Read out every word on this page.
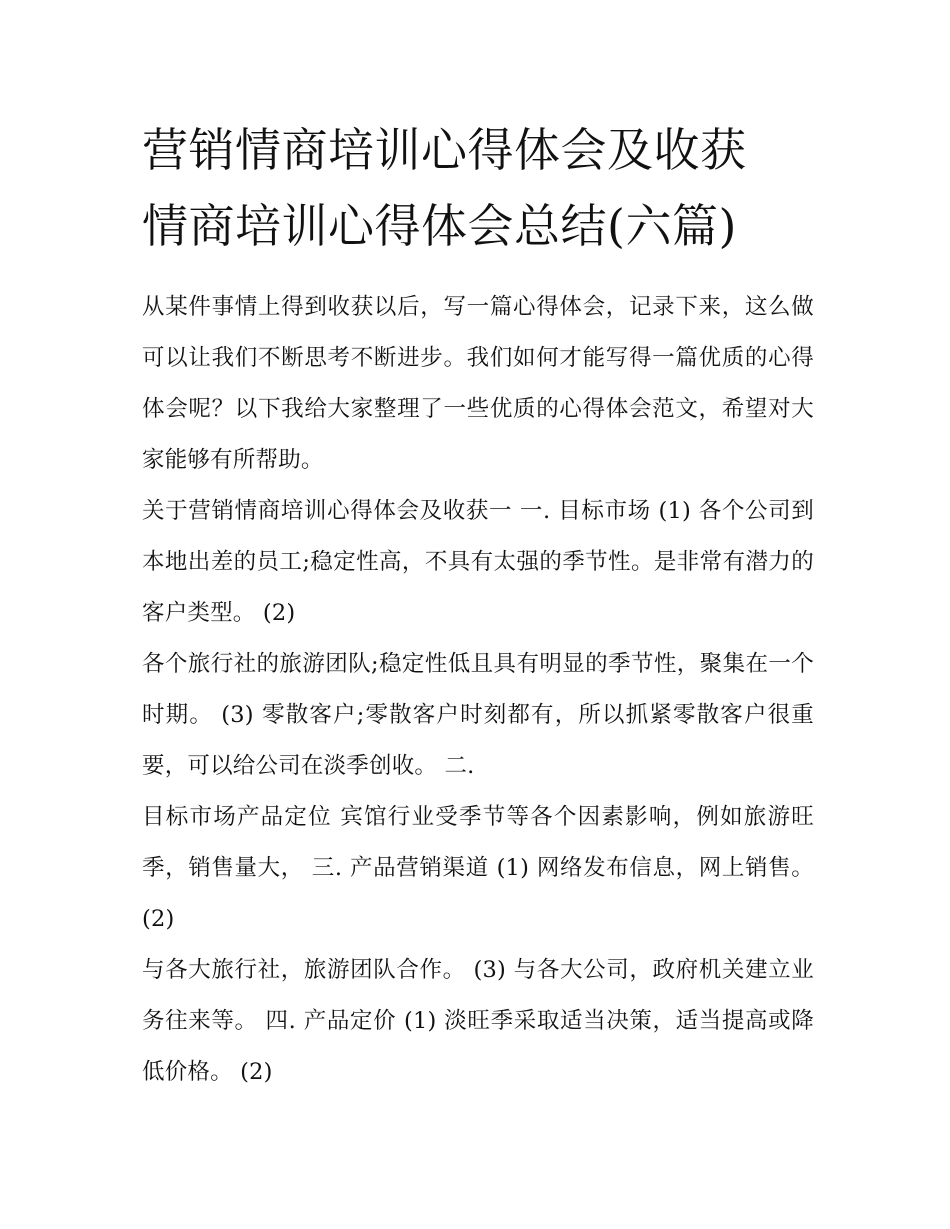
营销情商培训心得体会及收获
情商培训心得体会总结(六篇)

从某件事情上得到收获以后，写一篇心得体会，记录下来，这么做可以让我们不断思考不断进步。我们如何才能写得一篇优质的心得体会呢？以下我给大家整理了一些优质的心得体会范文，希望对大家能够有所帮助。

关于营销情商培训心得体会及收获一 一. 目标市场 (1) 各个公司到本地出差的员工;稳定性高，不具有太强的季节性。是非常有潜力的客户类型。 (2)

各个旅行社的旅游团队;稳定性低且具有明显的季节性，聚集在一个时期。 (3) 零散客户;零散客户时刻都有，所以抓紧零散客户很重要，可以给公司在淡季创收。 二.

目标市场产品定位 宾馆行业受季节等各个因素影响，例如旅游旺季，销售量大， 三. 产品营销渠道 (1) 网络发布信息，网上销售。 (2)

与各大旅行社，旅游团队合作。 (3) 与各大公司，政府机关建立业务往来等。 四. 产品定价 (1) 淡旺季采取适当决策，适当提高或降低价格。 (2)
